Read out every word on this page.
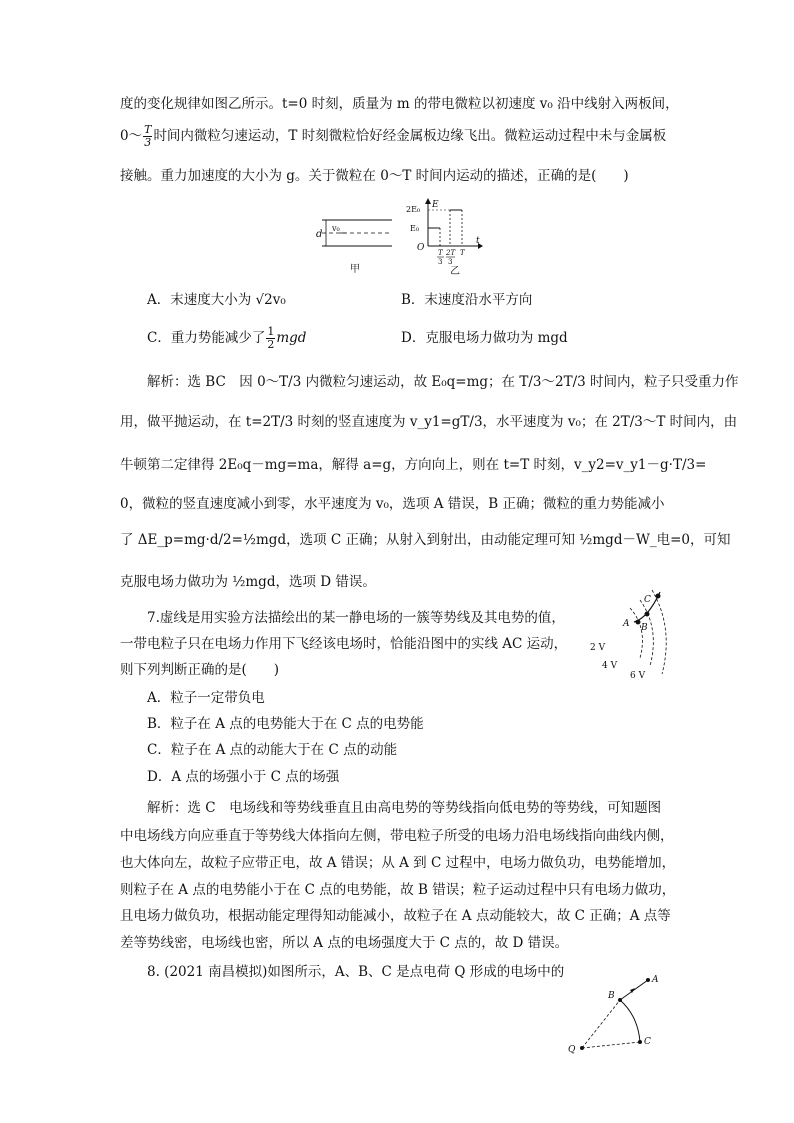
度的变化规律如图乙所示。t=0 时刻，质量为 m 的带电微粒以初速度 v₀ 沿中线射入两板间，
0～ $\frac{T}{3}$ 时间内微粒匀速运动，T 时刻微粒恰好经金属板边缘飞出。微粒运动过程中未与金属板
接触。重力加速度的大小为 g。关于微粒在 0～T 时间内运动的描述，正确的是(　　)
d
v₀
甲
E
t
O
2E₀
E₀
T
3
2T
3
T
乙
A．末速度大小为 √2v₀	B．末速度沿水平方向
C．重力势能减少了 $\frac{1}{2}$ mgd	D．克服电场力做功为 mgd
解析：选 BC　因 0～T/3 内微粒匀速运动，故 E₀q=mg；在 T/3～2T/3 时间内，粒子只受重力作
用，做平抛运动，在 t=2T/3 时刻的竖直速度为 v_y1=gT/3，水平速度为 v₀；在 2T/3～T 时间内，由
牛顿第二定律得 2E₀q－mg=ma，解得 a=g，方向向上，则在 t=T 时刻，v_y2=v_y1－g·T/3=
0，微粒的竖直速度减小到零，水平速度为 v₀，选项 A 错误，B 正确；微粒的重力势能减小
了 ΔE_p=mg·d/2=½mgd，选项 C 正确；从射入到射出，由动能定理可知 ½mgd－W_电=0，可知
克服电场力做功为 ½mgd，选项 D 错误。
7.虚线是用实验方法描绘出的某一静电场的一簇等势线及其电势的值，
一带电粒子只在电场力作用下飞经该电场时，恰能沿图中的实线 AC 运动，
则下列判断正确的是(　　)
A B
C
2 V
4 V
6 V
A．粒子一定带负电
B．粒子在 A 点的电势能大于在 C 点的电势能
C．粒子在 A 点的动能大于在 C 点的动能
D．A 点的场强小于 C 点的场强
解析：选 C　电场线和等势线垂直且由高电势的等势线指向低电势的等势线，可知题图
中电场线方向应垂直于等势线大体指向左侧，带电粒子所受的电场力沿电场线指向曲线内侧，
也大体向左，故粒子应带正电，故 A 错误；从 A 到 C 过程中，电场力做负功，电势能增加，
则粒子在 A 点的电势能小于在 C 点的电势能，故 B 错误；粒子运动过程中只有电场力做功，
且电场力做负功，根据动能定理得知动能减小，故粒子在 A 点动能较大，故 C 正确；A 点等
差等势线密，电场线也密，所以 A 点的电场强度大于 C 点的，故 D 错误。
8. (2021 南昌模拟)如图所示，A、B、C 是点电荷 Q 形成的电场中的	A
B
C
Q
